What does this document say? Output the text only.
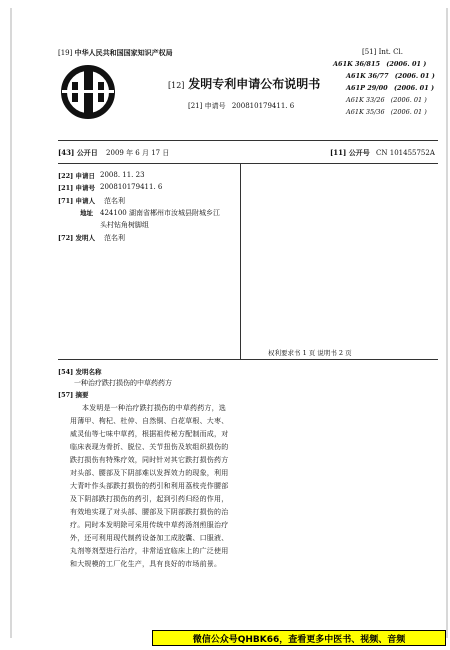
[19] 中华人民共和国国家知识产权局
[12] 发明专利申请公布说明书
[21] 申请号 200810179411. 6
[51] Int. Cl.
A61K 36/815 (2006. 01 )
A61K 36/77 (2006. 01 )
A61P 29/00 (2006. 01 )
A61K 33/26 (2006. 01 )
A61K 35/36 (2006. 01 )
[43] 公开日 2009 年 6 月 17 日	[11] 公开号 CN 101455752A
[22] 申请日 2008. 11. 23
[21] 申请号 200810179411. 6
[71] 申请人 范名利
地址 424100 湖南省郴州市汝城县附城乡江
头村钻角树脚组
[72] 发明人 范名利
权利要求书 1 页 说明书 2 页
[54] 发明名称
一种治疗跌打损伤的中草药药方
[57] 摘要
本发明是一种治疗跌打损伤的中草药药方，选
用薄甲、枸杞、杜仲、自然铜、白花草根、大枣、
威灵仙等七味中草药，根据祖传秘方配制而成，对
临床表现为骨折、脱位、关节扭伤及软组织损伤的
跌打损伤有特殊疗效，同时针对其它跌打损伤药方
对头部、腰部及下阴部难以发挥效力的现象，利用
大青叶作头部跌打损伤的药引和利用荔枝壳作腰部
及下阴部跌打损伤的药引，起到引药归经的作用，
有效地实现了对头部、腰部及下阴部跌打损伤的治
疗。同时本发明除可采用传统中草药汤剂煎服治疗
外，还可利用现代制药设备加工成胶囊、口服液、
丸剂等剂型进行治疗，非常适宜临床上的广泛使用
和大规模的工厂化生产，具有良好的市场前景。
微信公众号QHBK66，查看更多中医书、视频、音频
